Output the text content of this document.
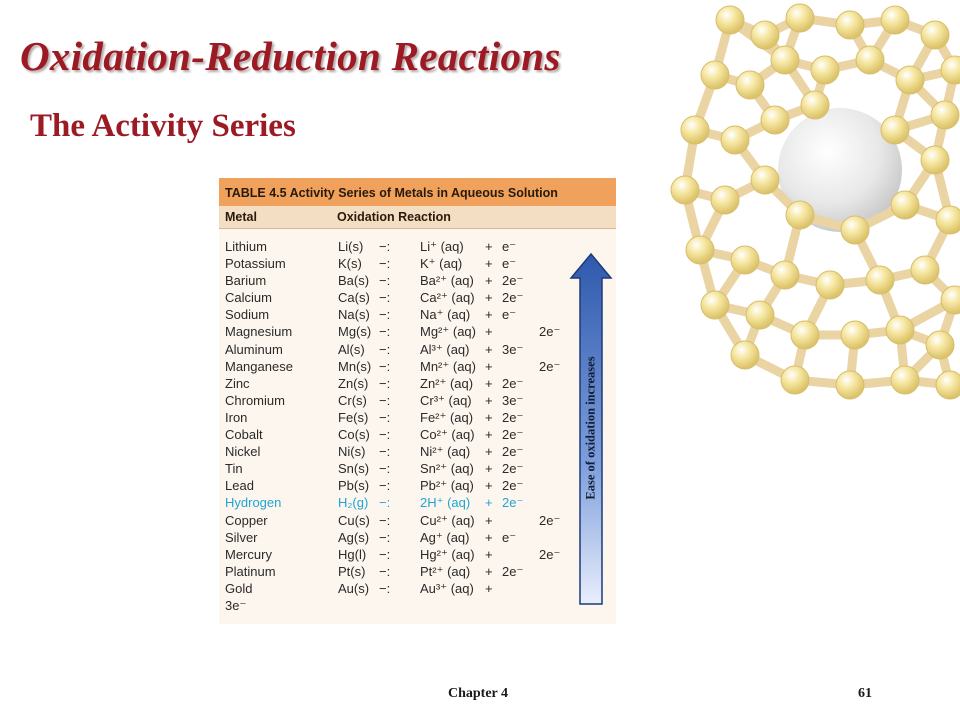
Oxidation-Reduction Reactions
The Activity Series
TABLE 4.5 Activity Series of Metals in Aqueous Solution
Metal	Oxidation Reaction
Lithium	Li(s) −: Li⁺ (aq) + e⁻
Potassium	K(s) −: K⁺ (aq) + e⁻
Barium	Ba(s) −: Ba²⁺ (aq) + 2e⁻
Calcium	Ca(s) −: Ca²⁺ (aq) + 2e⁻
Sodium	Na(s) −: Na⁺ (aq) + e⁻
Magnesium	Mg(s) −: Mg²⁺ (aq) +	2e⁻
Aluminum	Al(s) −: Al³⁺ (aq) + 3e⁻
Manganese	Mn(s) −: Mn²⁺ (aq) +	2e⁻
Zinc	Zn(s) −: Zn²⁺ (aq) + 2e⁻
Chromium	Cr(s) −: Cr³⁺ (aq) + 3e⁻
Iron	Fe(s) −: Fe²⁺ (aq) + 2e⁻
Cobalt	Co(s) −: Co²⁺ (aq) + 2e⁻
Nickel	Ni(s) −: Ni²⁺ (aq) + 2e⁻
Tin	Sn(s) −: Sn²⁺ (aq) + 2e⁻
Lead	Pb(s) −: Pb²⁺ (aq) + 2e⁻
Hydrogen	H₂(g) −: 2H⁺ (aq) + 2e⁻
Copper	Cu(s) −: Cu²⁺ (aq) +	2e⁻
Silver	Ag(s) −: Ag⁺ (aq) + e⁻
Mercury	Hg(l) −: Hg²⁺ (aq) +	2e⁻
Platinum	Pt(s) −: Pt²⁺ (aq) + 2e⁻
Gold	Au(s) −: Au³⁺ (aq) +
3e⁻
Ease of oxidation increases
Chapter 4	61
